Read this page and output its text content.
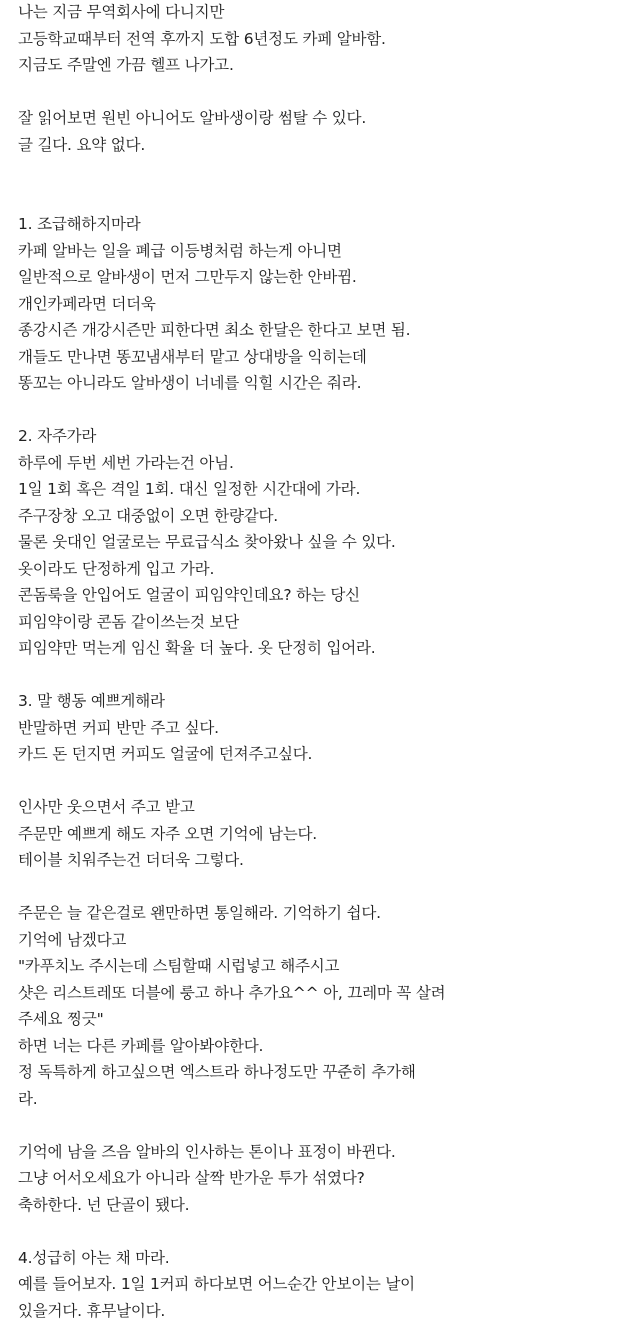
나는 지금 무역회사에 다니지만
고등학교때부터 전역 후까지 도합 6년정도 카페 알바함.
지금도 주말엔 가끔 헬프 나가고.
잘 읽어보면 원빈 아니어도 알바생이랑 썸탈 수 있다.
글 길다. 요약 없다.
1. 조급해하지마라
카페 알바는 일을 폐급 이등병처럼 하는게 아니면
일반적으로 알바생이 먼저 그만두지 않는한 안바뀜.
개인카페라면 더더욱
종강시즌 개강시즌만 피한다면 최소 한달은 한다고 보면 됨.
개들도 만나면 똥꼬냄새부터 맡고 상대방을 익히는데
똥꼬는 아니라도 알바생이 너네를 익힐 시간은 줘라.
2. 자주가라
하루에 두번 세번 가라는건 아님.
1일 1회 혹은 격일 1회. 대신 일정한 시간대에 가라.
주구장창 오고 대중없이 오면 한량같다.
물론 웃대인 얼굴로는 무료급식소 찾아왔나 싶을 수 있다.
옷이라도 단정하게 입고 가라.
콘돔룩을 안입어도 얼굴이 피임약인데요? 하는 당신
피임약이랑 콘돔 같이쓰는것 보단
피임약만 먹는게 임신 확율 더 높다. 옷 단정히 입어라.
3. 말 행동 예쁘게해라
반말하면 커피 반만 주고 싶다.
카드 돈 던지면 커피도 얼굴에 던져주고싶다.
인사만 웃으면서 주고 받고
주문만 예쁘게 해도 자주 오면 기억에 남는다.
테이블 치워주는건 더더욱 그렇다.
주문은 늘 같은걸로 왠만하면 통일해라. 기억하기 쉽다.
기억에 남겠다고
"카푸치노 주시는데 스팀할때 시럽넣고 해주시고
샷은 리스트레또 더블에 룽고 하나 추가요^^ 아, 끄레마 꼭 살려
주세요 찡긋"
하면 너는 다른 카페를 알아봐야한다.
정 독특하게 하고싶으면 엑스트라 하나정도만 꾸준히 추가해
라.
기억에 남을 즈음 알바의 인사하는 톤이나 표정이 바뀐다.
그냥 어서오세요가 아니라 살짝 반가운 투가 섞였다?
축하한다. 넌 단골이 됐다.
4.성급히 아는 채 마라.
예를 들어보자. 1일 1커피 하다보면 어느순간 안보이는 날이
있을거다. 휴무날이다.
